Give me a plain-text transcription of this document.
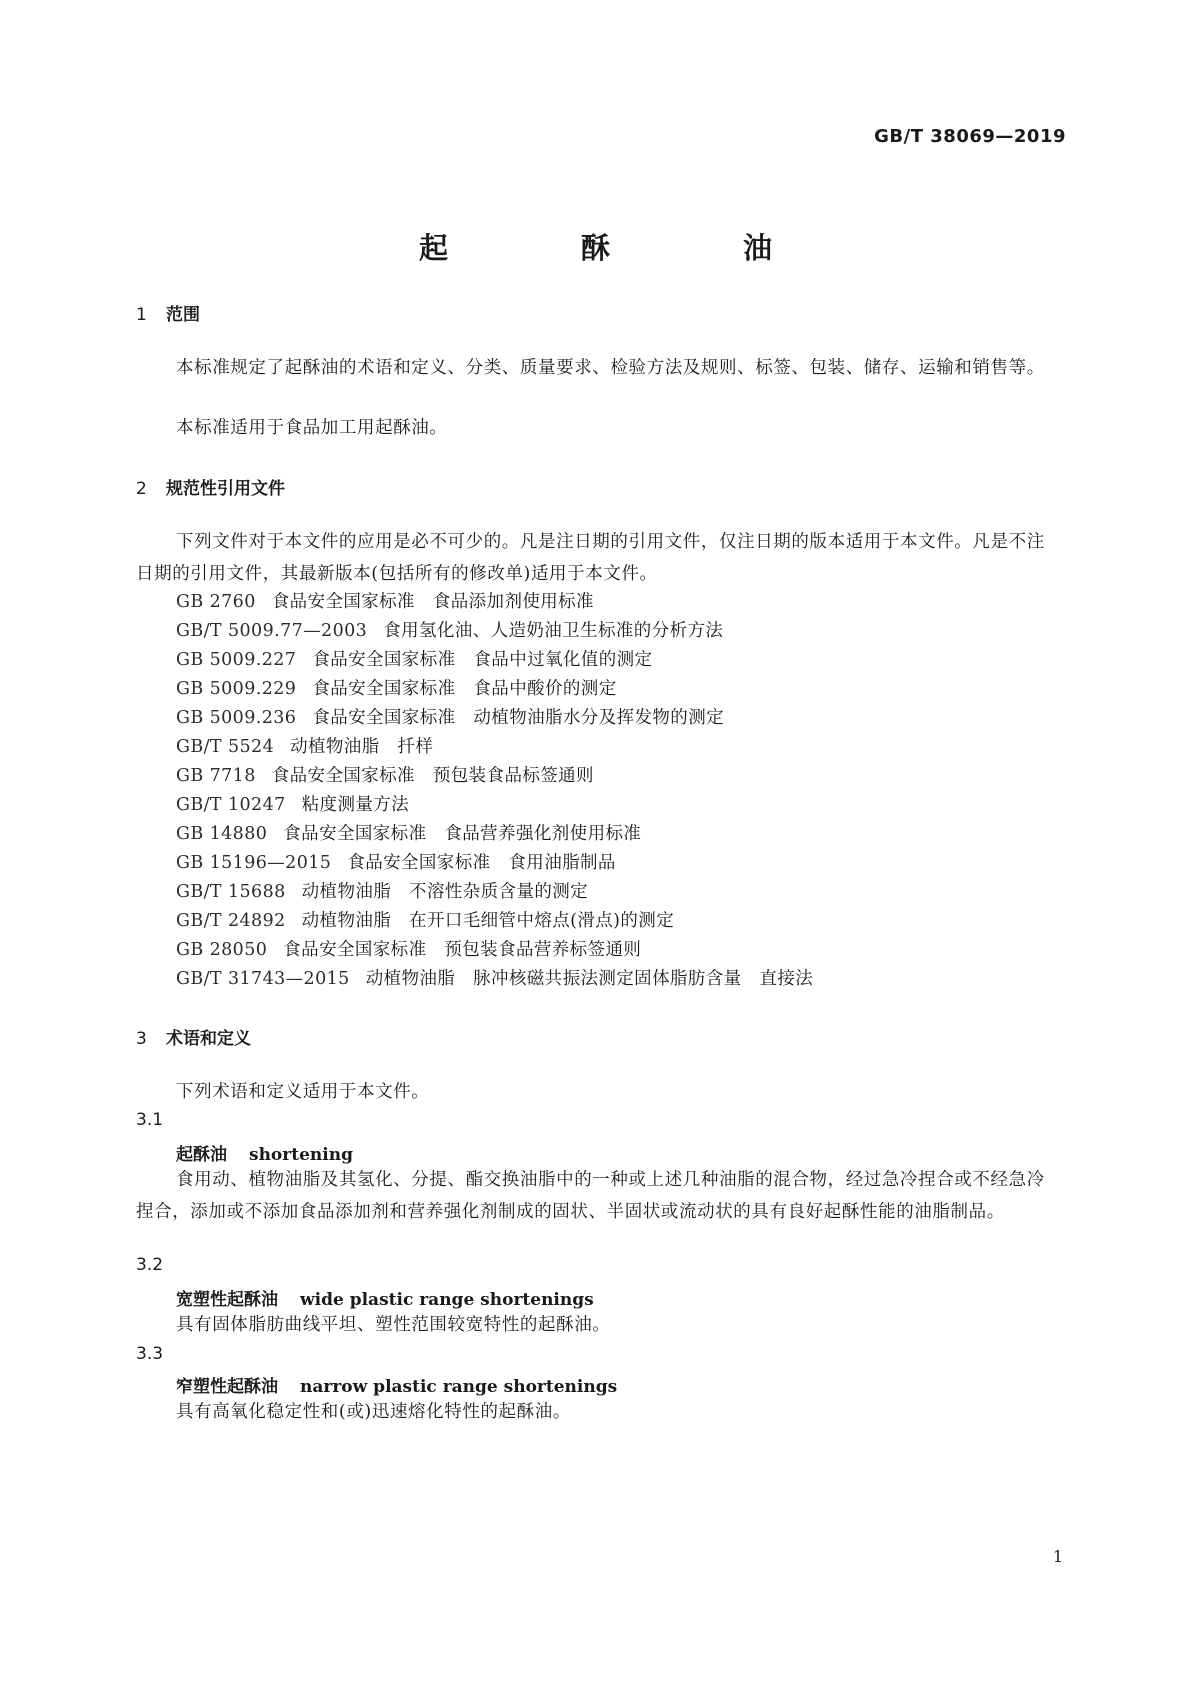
GB/T 38069—2019
起　酥　油
1 范围
本标准规定了起酥油的术语和定义、分类、质量要求、检验方法及规则、标签、包装、储存、运输和销售等。
本标准适用于食品加工用起酥油。
2 规范性引用文件
下列文件对于本文件的应用是必不可少的。凡是注日期的引用文件，仅注日期的版本适用于本文件。凡是不注日期的引用文件，其最新版本(包括所有的修改单)适用于本文件。
GB 2760 食品安全国家标准　食品添加剂使用标准
GB/T 5009.77—2003 食用氢化油、人造奶油卫生标准的分析方法
GB 5009.227 食品安全国家标准　食品中过氧化值的测定
GB 5009.229 食品安全国家标准　食品中酸价的测定
GB 5009.236 食品安全国家标准　动植物油脂水分及挥发物的测定
GB/T 5524 动植物油脂　扦样
GB 7718 食品安全国家标准　预包装食品标签通则
GB/T 10247 粘度测量方法
GB 14880 食品安全国家标准　食品营养强化剂使用标准
GB 15196—2015 食品安全国家标准　食用油脂制品
GB/T 15688 动植物油脂　不溶性杂质含量的测定
GB/T 24892 动植物油脂　在开口毛细管中熔点(滑点)的测定
GB 28050 食品安全国家标准　预包装食品营养标签通则
GB/T 31743—2015 动植物油脂　脉冲核磁共振法测定固体脂肪含量　直接法
3 术语和定义
下列术语和定义适用于本文件。
3.1
起酥油 shortening
食用动、植物油脂及其氢化、分提、酯交换油脂中的一种或上述几种油脂的混合物，经过急冷捏合或不经急冷捏合，添加或不添加食品添加剂和营养强化剂制成的固状、半固状或流动状的具有良好起酥性能的油脂制品。
3.2
宽塑性起酥油 wide plastic range shortenings
具有固体脂肪曲线平坦、塑性范围较宽特性的起酥油。
3.3
窄塑性起酥油 narrow plastic range shortenings
具有高氧化稳定性和(或)迅速熔化特性的起酥油。
1
